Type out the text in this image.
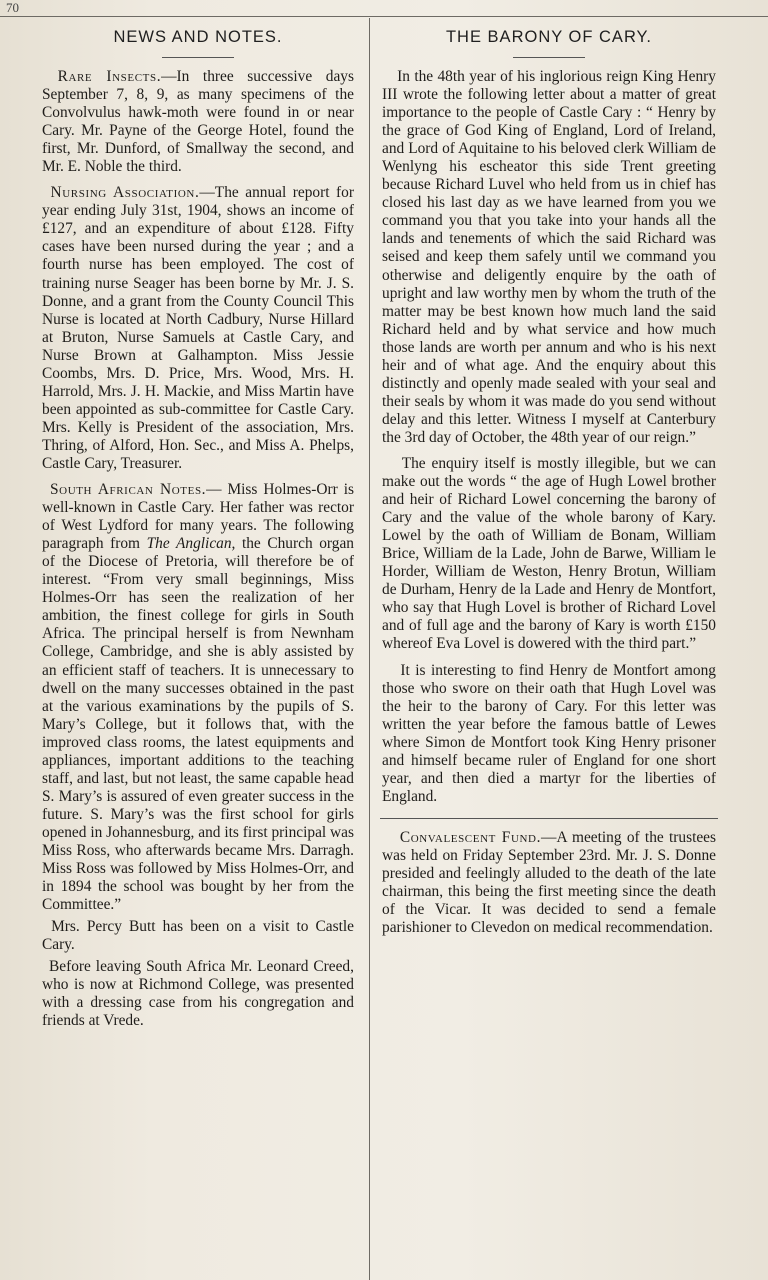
70
NEWS AND NOTES.

Rare Insects.—In three successive days September 7, 8, 9, as many specimens of the Convolvulus hawk-moth were found in or near Cary. Mr. Payne of the George Hotel, found the first, Mr. Dunford, of Smallway the second, and Mr. E. Noble the third.

Nursing Association.—The annual report for year ending July 31st, 1904, shows an income of £127, and an expenditure of about £128. Fifty cases have been nursed during the year ; and a fourth nurse has been employed. The cost of training nurse Seager has been borne by Mr. J. S. Donne, and a grant from the County Council This Nurse is located at North Cadbury, Nurse Hillard at Bruton, Nurse Samuels at Castle Cary, and Nurse Brown at Galhampton. Miss Jessie Coombs, Mrs. D. Price, Mrs. Wood, Mrs. H. Harrold, Mrs. J. H. Mackie, and Miss Martin have been appointed as sub-committee for Castle Cary. Mrs. Kelly is President of the association, Mrs. Thring, of Alford, Hon. Sec., and Miss A. Phelps, Castle Cary, Treasurer.

South African Notes.— Miss Holmes-Orr is well-known in Castle Cary. Her father was rector of West Lydford for many years. The following paragraph from The Anglican, the Church organ of the Diocese of Pretoria, will therefore be of interest. “From very small beginnings, Miss Holmes-Orr has seen the realization of her ambition, the finest college for girls in South Africa. The principal herself is from Newnham College, Cambridge, and she is ably assisted by an efficient staff of teachers. It is unnecessary to dwell on the many successes obtained in the past at the various examinations by the pupils of S. Mary’s College, but it follows that, with the improved class rooms, the latest equipments and appliances, important additions to the teaching staff, and last, but not least, the same capable head S. Mary’s is assured of even greater success in the future. S. Mary’s was the first school for girls opened in Johannesburg, and its first principal was Miss Ross, who afterwards became Mrs. Darragh. Miss Ross was followed by Miss Holmes-Orr, and in 1894 the school was bought by her from the Committee.”

Mrs. Percy Butt has been on a visit to Castle Cary.

Before leaving South Africa Mr. Leonard Creed, who is now at Richmond College, was presented with a dressing case from his congregation and friends at Vrede.

THE BARONY OF CARY.

In the 48th year of his inglorious reign King Henry III wrote the following letter about a matter of great importance to the people of Castle Cary : “ Henry by the grace of God King of England, Lord of Ireland, and Lord of Aquitaine to his beloved clerk William de Wenlyng his escheator this side Trent greeting because Richard Luvel who held from us in chief has closed his last day as we have learned from you we command you that you take into your hands all the lands and tenements of which the said Richard was seised and keep them safely until we command you otherwise and deligently enquire by the oath of upright and law worthy men by whom the truth of the matter may be best known how much land the said Richard held and by what service and how much those lands are worth per annum and who is his next heir and of what age. And the enquiry about this distinctly and openly made sealed with your seal and their seals by whom it was made do you send without delay and this letter. Witness I myself at Canterbury the 3rd day of October, the 48th year of our reign.”

The enquiry itself is mostly illegible, but we can make out the words “ the age of Hugh Lowel brother and heir of Richard Lowel concerning the barony of Cary and the value of the whole barony of Kary. Lowel by the oath of William de Bonam, William Brice, William de la Lade, John de Barwe, William le Horder, William de Weston, Henry Brotun, William de Durham, Henry de la Lade and Henry de Montfort, who say that Hugh Lovel is brother of Richard Lovel and of full age and the barony of Kary is worth £150 whereof Eva Lovel is dowered with the third part.”

It is interesting to find Henry de Montfort among those who swore on their oath that Hugh Lovel was the heir to the barony of Cary. For this letter was written the year before the famous battle of Lewes where Simon de Montfort took King Henry prisoner and himself became ruler of England for one short year, and then died a martyr for the liberties of England.

Convalescent Fund.—A meeting of the trustees was held on Friday September 23rd. Mr. J. S. Donne presided and feelingly alluded to the death of the late chairman, this being the first meeting since the death of the Vicar. It was decided to send a female parishioner to Clevedon on medical recommendation.
